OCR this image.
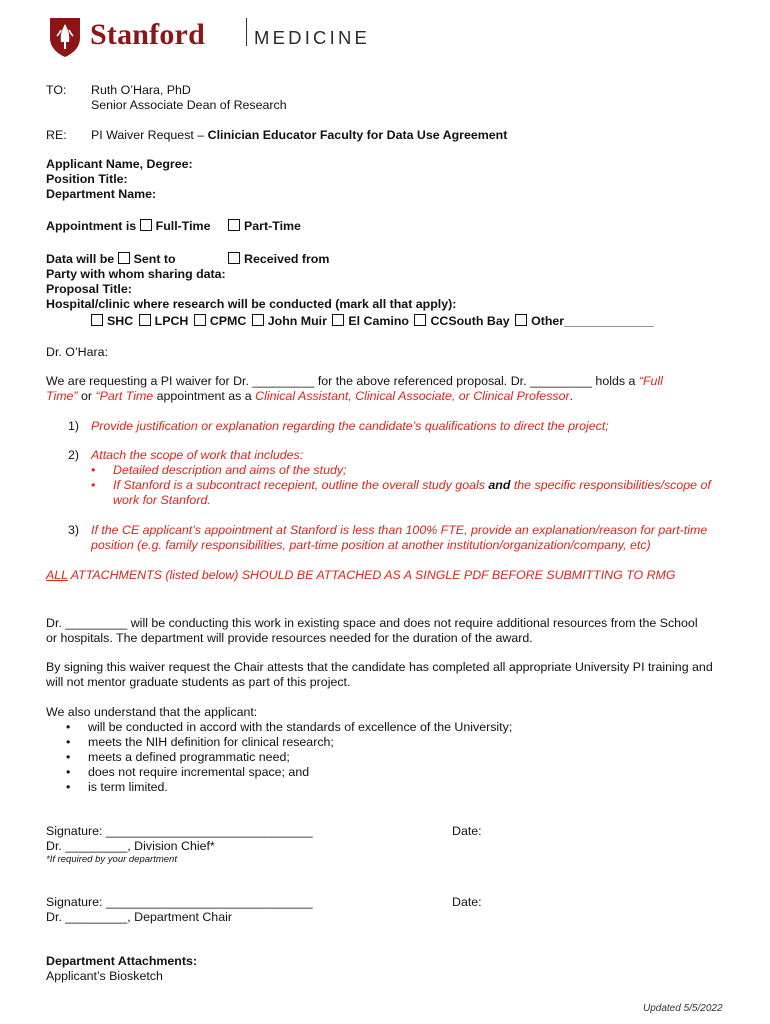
Stanford	MEDICINE
TO: Ruth O’Hara, PhD
Senior Associate Dean of Research
RE: PI Waiver Request – Clinician Educator Faculty for Data Use Agreement
Applicant Name, Degree:
Position Title:
Department Name:
Appointment is Full-Time	Part-Time
Data will be Sent to	Received from
Party with whom sharing data:
Proposal Title:
Hospital/clinic where research will be conducted (mark all that apply):
SHC LPCH CPMC John Muir El Camino CCSouth Bay Other_____________
Dr. O’Hara:
We are requesting a PI waiver for Dr. _________ for the above referenced proposal. Dr. _________ holds a “Full
Time” or “Part Time appointment as a Clinical Assistant, Clinical Associate, or Clinical Professor.
1) Provide justification or explanation regarding the candidate’s qualifications to direct the project;
2) Attach the scope of work that includes:
• Detailed description and aims of the study;
• If Stanford is a subcontract recepient, outline the overall study goals and the specific responsibilities/scope of
work for Stanford.
3) If the CE applicant’s appointment at Stanford is less than 100% FTE, provide an explanation/reason for part-time
position (e.g. family responsibilities, part-time position at another institution/organization/company, etc)
ALL ATTACHMENTS (listed below) SHOULD BE ATTACHED AS A SINGLE PDF BEFORE SUBMITTING TO RMG
Dr. _________ will be conducting this work in existing space and does not require additional resources from the School
or hospitals. The department will provide resources needed for the duration of the award.
By signing this waiver request the Chair attests that the candidate has completed all appropriate University PI training and
will not mentor graduate students as part of this project.
We also understand that the applicant:
• will be conducted in accord with the standards of excellence of the University;
• meets the NIH definition for clinical research;
• meets a defined programmatic need;
• does not require incremental space; and
• is term limited.
Signature: ______________________________	Date:
Dr. _________, Division Chief*
*If required by your department
Signature: ______________________________	Date:
Dr. _________, Department Chair
Department Attachments:
Applicant’s Biosketch
Updated 5/5/2022
